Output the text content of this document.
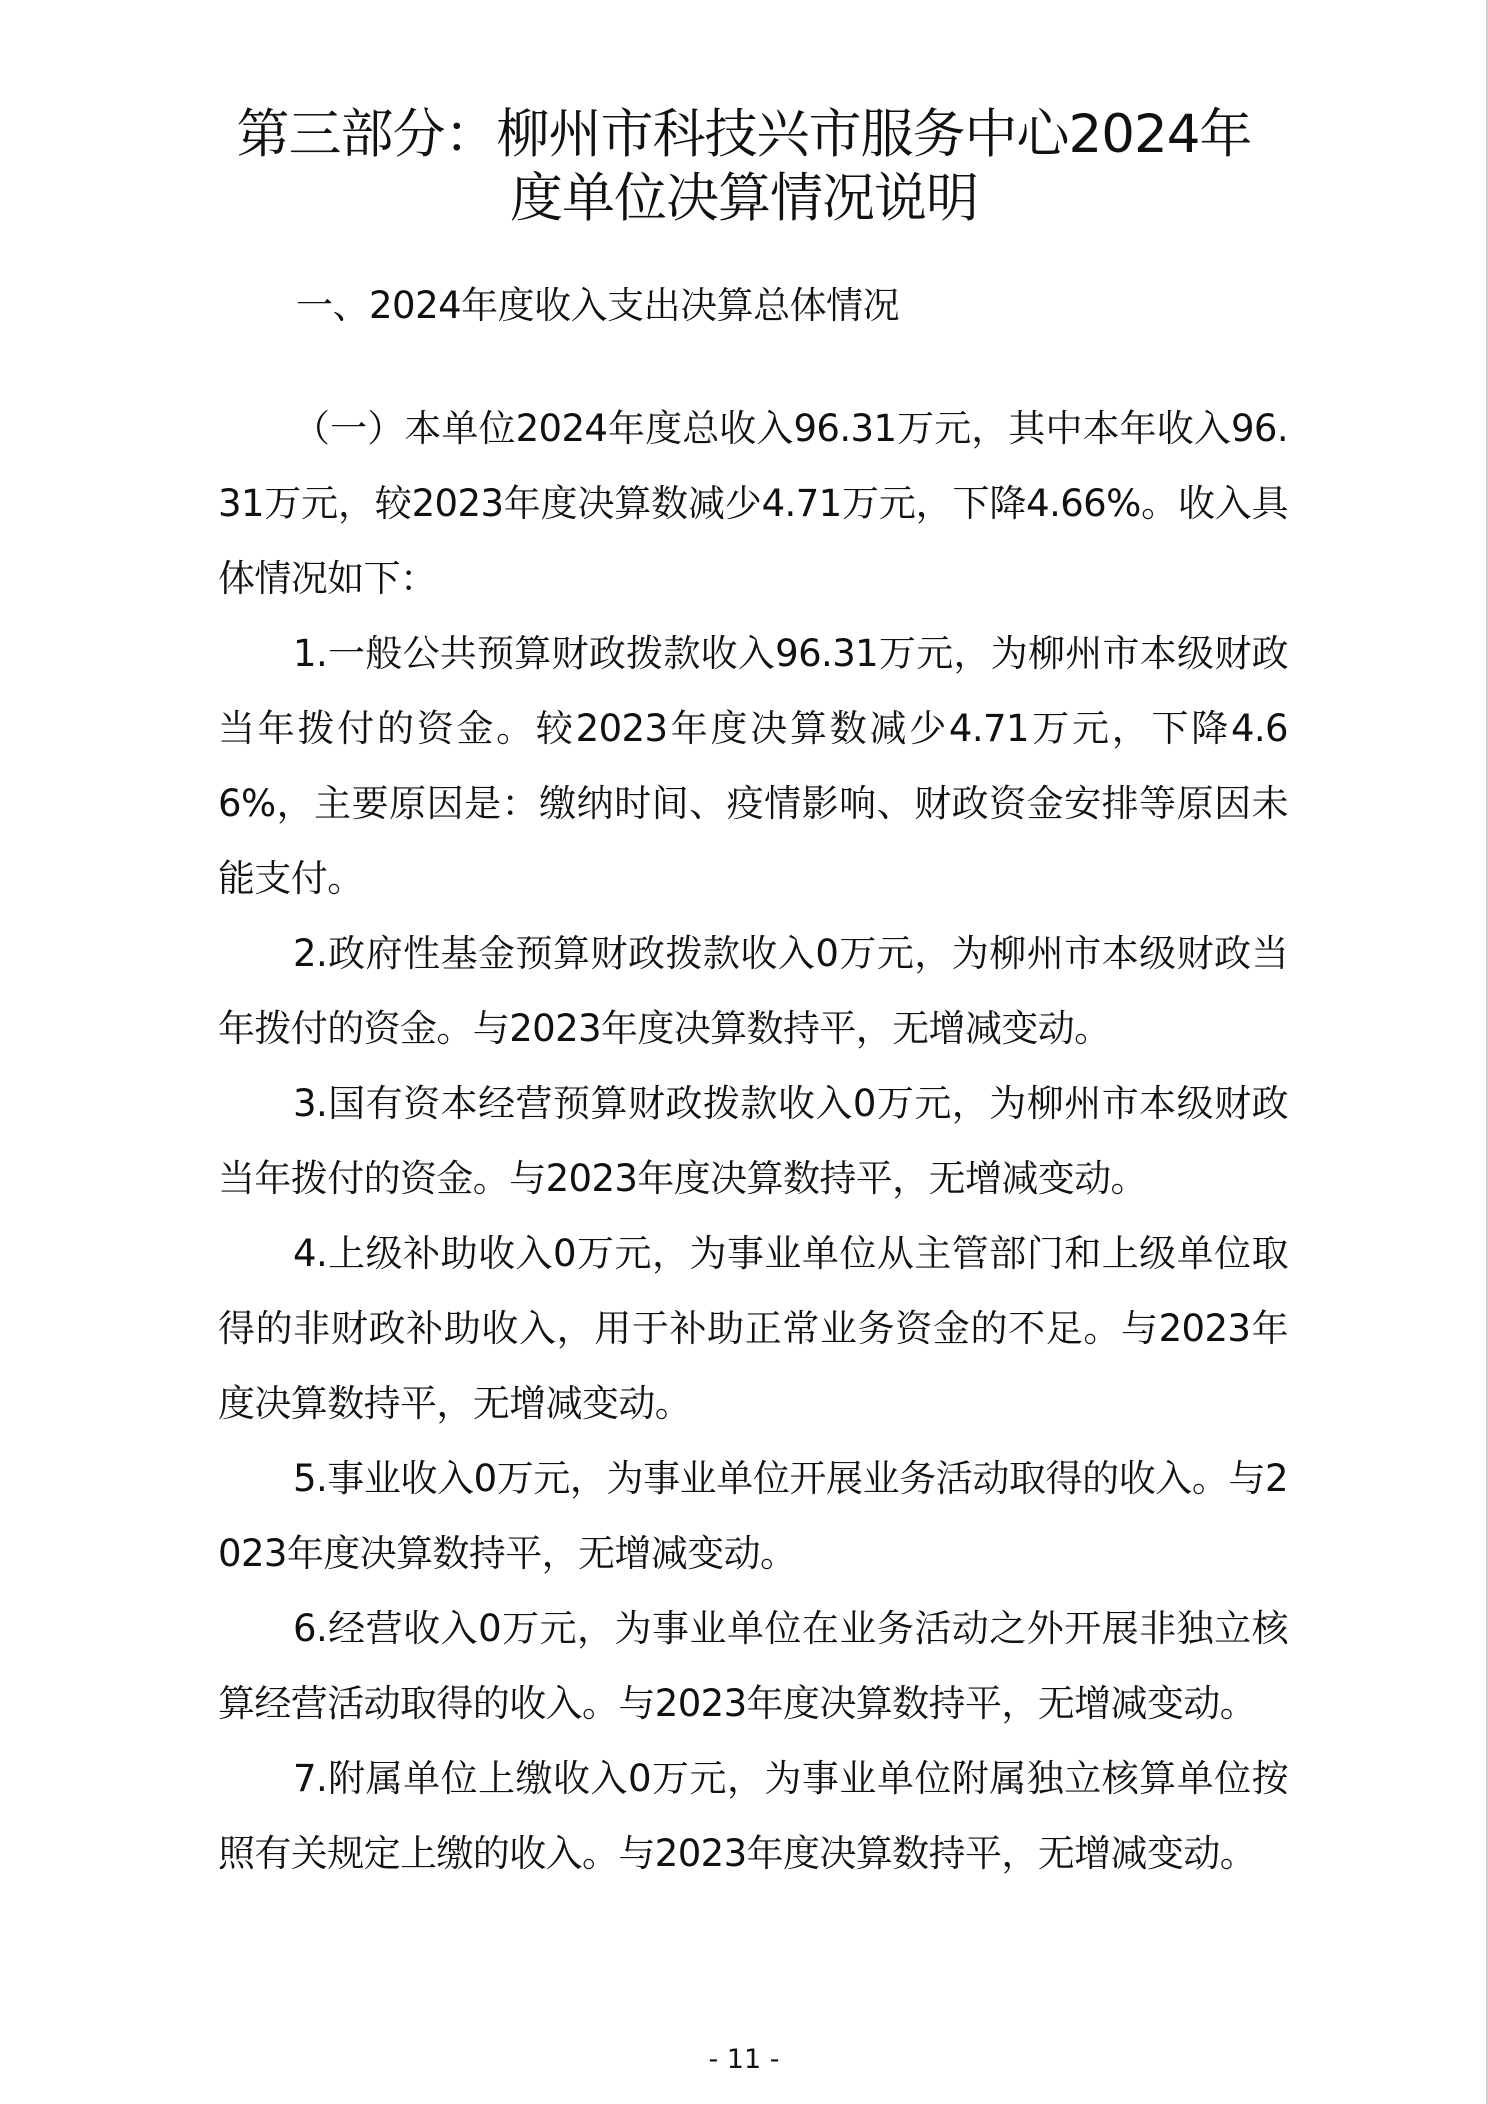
第三部分：柳州市科技兴市服务中心2024年
度单位决算情况说明
一、2024年度收入支出决算总体情况

（一）本单位2024年度总收入96.31万元，其中本年收入96.31万元，较2023年度决算数减少4.71万元，下降4.66%。收入具体情况如下：

1.一般公共预算财政拨款收入96.31万元，为柳州市本级财政当年拨付的资金。较2023年度决算数减少4.71万元，下降4.66%，主要原因是：缴纳时间、疫情影响、财政资金安排等原因未能支付。

2.政府性基金预算财政拨款收入0万元，为柳州市本级财政当年拨付的资金。与2023年度决算数持平，无增减变动。

3.国有资本经营预算财政拨款收入0万元，为柳州市本级财政当年拨付的资金。与2023年度决算数持平，无增减变动。

4.上级补助收入0万元，为事业单位从主管部门和上级单位取得的非财政补助收入，用于补助正常业务资金的不足。与2023年度决算数持平，无增减变动。

5.事业收入0万元，为事业单位开展业务活动取得的收入。与2023年度决算数持平，无增减变动。

6.经营收入0万元，为事业单位在业务活动之外开展非独立核算经营活动取得的收入。与2023年度决算数持平，无增减变动。

7.附属单位上缴收入0万元，为事业单位附属独立核算单位按照有关规定上缴的收入。与2023年度决算数持平，无增减变动。

- 11 -
